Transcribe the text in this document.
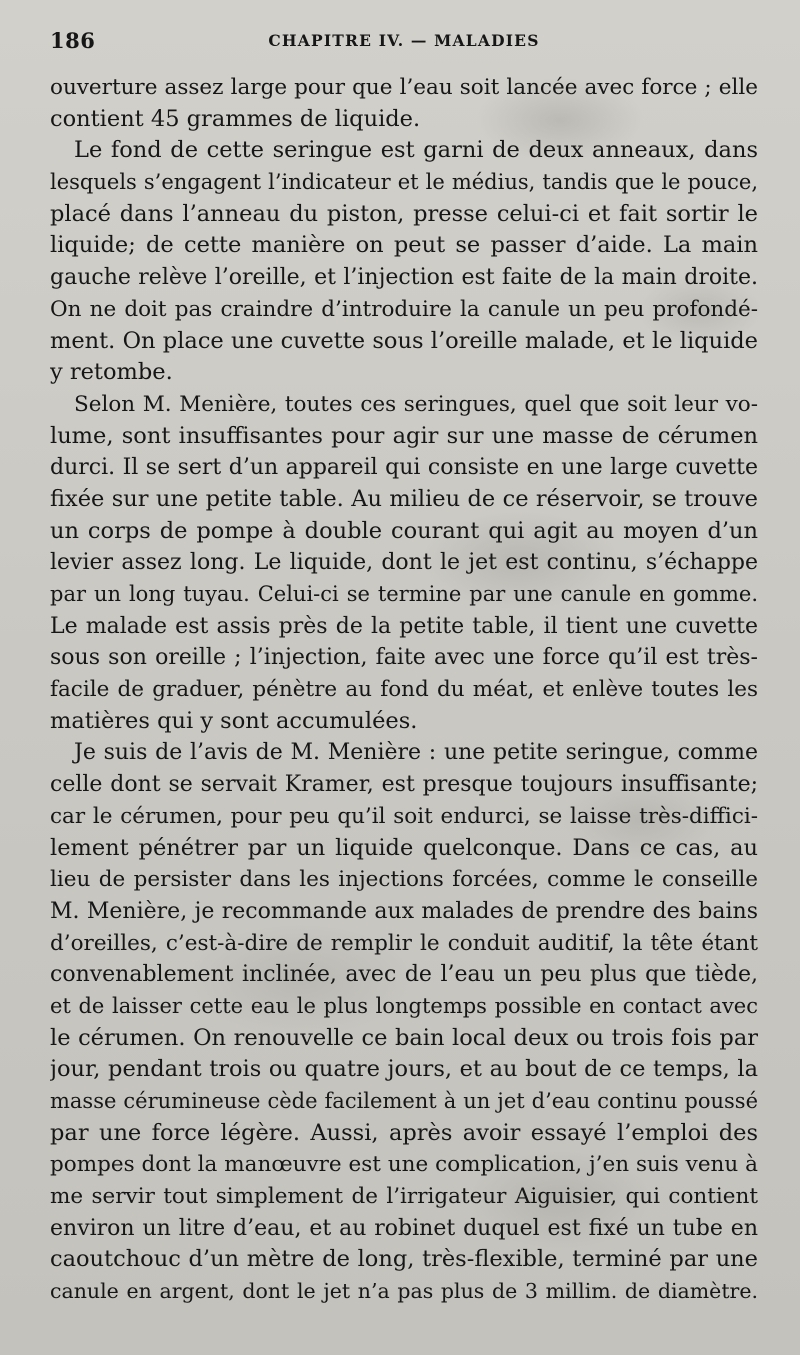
186	CHAPITRE IV. — MALADIES
ouverture assez large pour que l’eau soit lancée avec force ; elle
contient 45 grammes de liquide.
Le fond de cette seringue est garni de deux anneaux, dans
lesquels s’engagent l’indicateur et le médius, tandis que le pouce,
placé dans l’anneau du piston, presse celui-ci et fait sortir le
liquide; de cette manière on peut se passer d’aide. La main
gauche relève l’oreille, et l’injection est faite de la main droite.
On ne doit pas craindre d’introduire la canule un peu profondé-
ment. On place une cuvette sous l’oreille malade, et le liquide
y retombe.
Selon M. Menière, toutes ces seringues, quel que soit leur vo-
lume, sont insuffisantes pour agir sur une masse de cérumen
durci. Il se sert d’un appareil qui consiste en une large cuvette
fixée sur une petite table. Au milieu de ce réservoir, se trouve
un corps de pompe à double courant qui agit au moyen d’un
levier assez long. Le liquide, dont le jet est continu, s’échappe
par un long tuyau. Celui-ci se termine par une canule en gomme.
Le malade est assis près de la petite table, il tient une cuvette
sous son oreille ; l’injection, faite avec une force qu’il est très-
facile de graduer, pénètre au fond du méat, et enlève toutes les
matières qui y sont accumulées.
Je suis de l’avis de M. Menière : une petite seringue, comme
celle dont se servait Kramer, est presque toujours insuffisante;
car le cérumen, pour peu qu’il soit endurci, se laisse très-diffici-
lement pénétrer par un liquide quelconque. Dans ce cas, au
lieu de persister dans les injections forcées, comme le conseille
M. Menière, je recommande aux malades de prendre des bains
d’oreilles, c’est-à-dire de remplir le conduit auditif, la tête étant
convenablement inclinée, avec de l’eau un peu plus que tiède,
et de laisser cette eau le plus longtemps possible en contact avec
le cérumen. On renouvelle ce bain local deux ou trois fois par
jour, pendant trois ou quatre jours, et au bout de ce temps, la
masse cérumineuse cède facilement à un jet d’eau continu poussé
par une force légère. Aussi, après avoir essayé l’emploi des
pompes dont la manœuvre est une complication, j’en suis venu à
me servir tout simplement de l’irrigateur Aiguisier, qui contient
environ un litre d’eau, et au robinet duquel est fixé un tube en
caoutchouc d’un mètre de long, très-flexible, terminé par une
canule en argent, dont le jet n’a pas plus de 3 millim. de diamètre.
